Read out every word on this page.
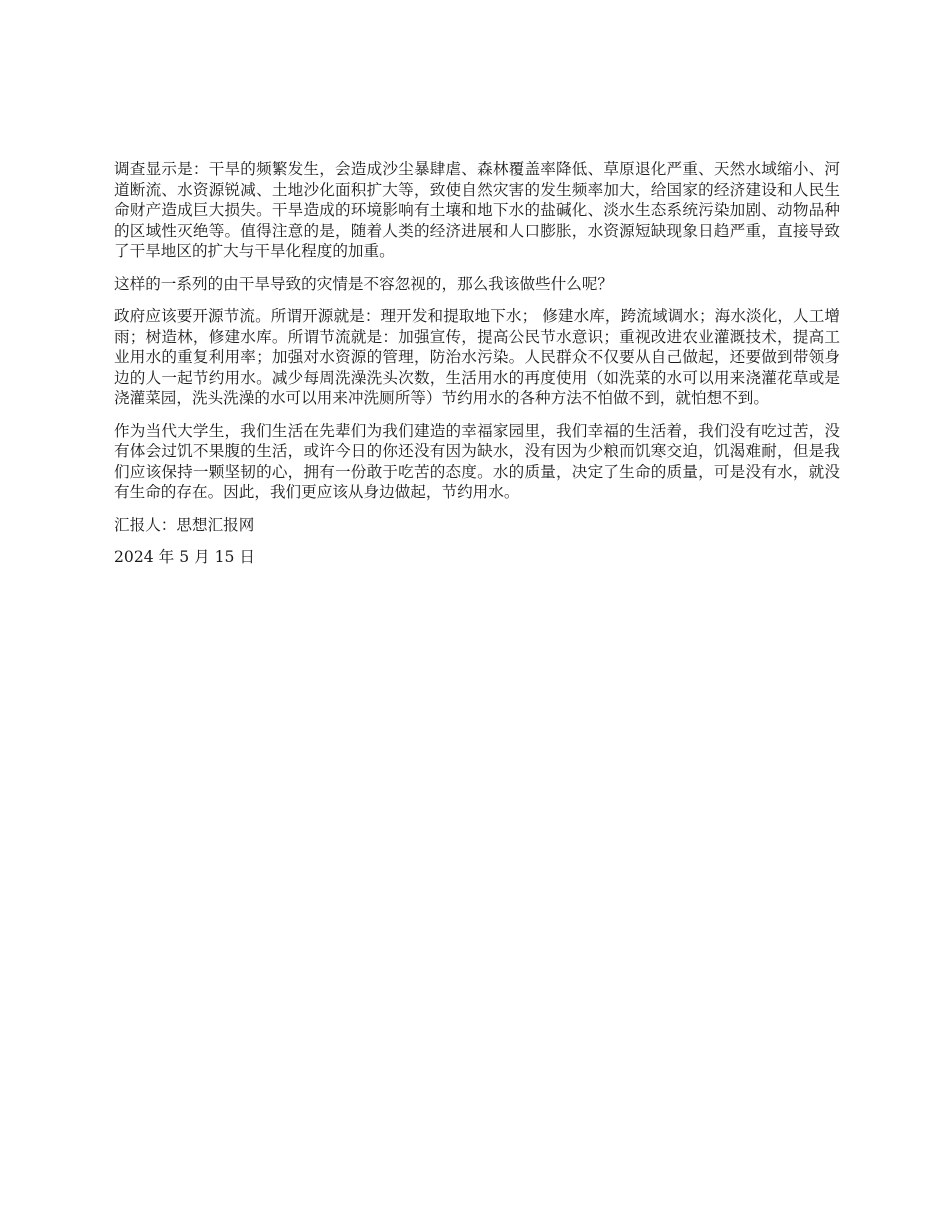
调查显示是：干旱的频繁发生，会造成沙尘暴肆虐、森林覆盖率降低、草原退化严重、天然水域缩小、河道断流、水资源锐减、土地沙化面积扩大等，致使自然灾害的发生频率加大，给国家的经济建设和人民生命财产造成巨大损失。干旱造成的环境影响有土壤和地下水的盐碱化、淡水生态系统污染加剧、动物品种的区域性灭绝等。值得注意的是，随着人类的经济进展和人口膨胀，水资源短缺现象日趋严重，直接导致了干旱地区的扩大与干旱化程度的加重。

这样的一系列的由干旱导致的灾情是不容忽视的，那么我该做些什么呢？

政府应该要开源节流。所谓开源就是：理开发和提取地下水； 修建水库，跨流域调水；海水淡化，人工增雨；树造林，修建水库。所谓节流就是：加强宣传，提高公民节水意识；重视改进农业灌溉技术，提高工业用水的重复利用率；加强对水资源的管理，防治水污染。人民群众不仅要从自己做起，还要做到带领身边的人一起节约用水。减少每周洗澡洗头次数，生活用水的再度使用（如洗菜的水可以用来浇灌花草或是浇灌菜园，洗头洗澡的水可以用来冲洗厕所等）节约用水的各种方法不怕做不到，就怕想不到。

作为当代大学生，我们生活在先辈们为我们建造的幸福家园里，我们幸福的生活着，我们没有吃过苦，没有体会过饥不果腹的生活，或许今日的你还没有因为缺水，没有因为少粮而饥寒交迫，饥渴难耐，但是我们应该保持一颗坚韧的心，拥有一份敢于吃苦的态度。水的质量，决定了生命的质量，可是没有水，就没有生命的存在。因此，我们更应该从身边做起，节约用水。

汇报人：思想汇报网

2024 年 5 月 15 日
